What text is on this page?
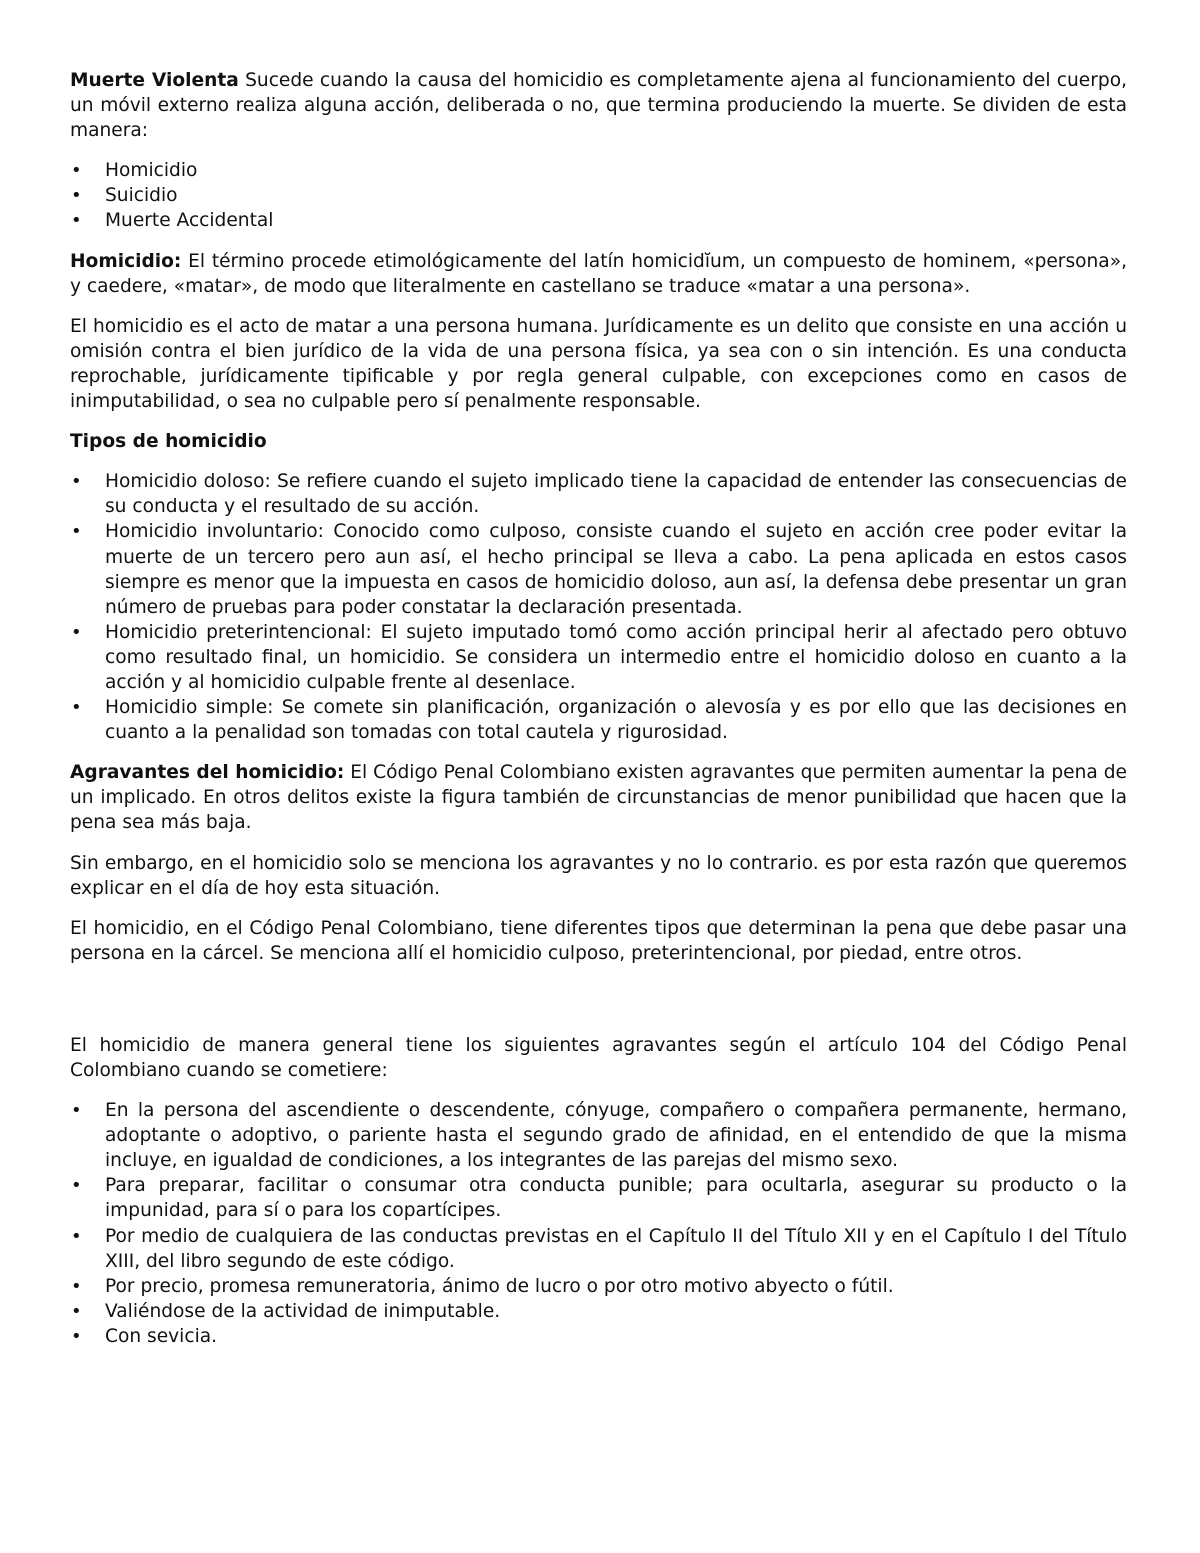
Muerte Violenta Sucede cuando la causa del homicidio es completamente ajena al funcionamiento del cuerpo, un móvil externo realiza alguna acción, deliberada o no, que termina produciendo la muerte. Se dividen de esta manera:

• Homicidio
• Suicidio
• Muerte Accidental

Homicidio: El término procede etimológicamente del latín homicidĭum, un compuesto de hominem, «persona», y caedere, «matar», de modo que literalmente en castellano se traduce «matar a una persona».

El homicidio es el acto de matar a una persona humana. Jurídicamente es un delito que consiste en una acción u omisión contra el bien jurídico de la vida de una persona física, ya sea con o sin intención. Es una conducta reprochable, jurídicamente tipificable y por regla general culpable, con excepciones como en casos de inimputabilidad, o sea no culpable pero sí penalmente responsable.

Tipos de homicidio

• Homicidio doloso: Se refiere cuando el sujeto implicado tiene la capacidad de entender las consecuencias de su conducta y el resultado de su acción.
• Homicidio involuntario: Conocido como culposo, consiste cuando el sujeto en acción cree poder evitar la muerte de un tercero pero aun así, el hecho principal se lleva a cabo. La pena aplicada en estos casos siempre es menor que la impuesta en casos de homicidio doloso, aun así, la defensa debe presentar un gran número de pruebas para poder constatar la declaración presentada.
• Homicidio preterintencional: El sujeto imputado tomó como acción principal herir al afectado pero obtuvo como resultado final, un homicidio. Se considera un intermedio entre el homicidio doloso en cuanto a la acción y al homicidio culpable frente al desenlace.
• Homicidio simple: Se comete sin planificación, organización o alevosía y es por ello que las decisiones en cuanto a la penalidad son tomadas con total cautela y rigurosidad.

Agravantes del homicidio: El Código Penal Colombiano existen agravantes que permiten aumentar la pena de un implicado. En otros delitos existe la figura también de circunstancias de menor punibilidad que hacen que la pena sea más baja.

Sin embargo, en el homicidio solo se menciona los agravantes y no lo contrario. es por esta razón que queremos explicar en el día de hoy esta situación.

El homicidio, en el Código Penal Colombiano, tiene diferentes tipos que determinan la pena que debe pasar una persona en la cárcel. Se menciona allí el homicidio culposo, preterintencional, por piedad, entre otros.

El homicidio de manera general tiene los siguientes agravantes según el artículo 104 del Código Penal Colombiano cuando se cometiere:

• En la persona del ascendiente o descendente, cónyuge, compañero o compañera permanente, hermano, adoptante o adoptivo, o pariente hasta el segundo grado de afinidad, en el entendido de que la misma incluye, en igualdad de condiciones, a los integrantes de las parejas del mismo sexo.
• Para preparar, facilitar o consumar otra conducta punible; para ocultarla, asegurar su producto o la impunidad, para sí o para los copartícipes.
• Por medio de cualquiera de las conductas previstas en el Capítulo II del Título XII y en el Capítulo I del Título XIII, del libro segundo de este código.
• Por precio, promesa remuneratoria, ánimo de lucro o por otro motivo abyecto o fútil.
• Valiéndose de la actividad de inimputable.
• Con sevicia.
